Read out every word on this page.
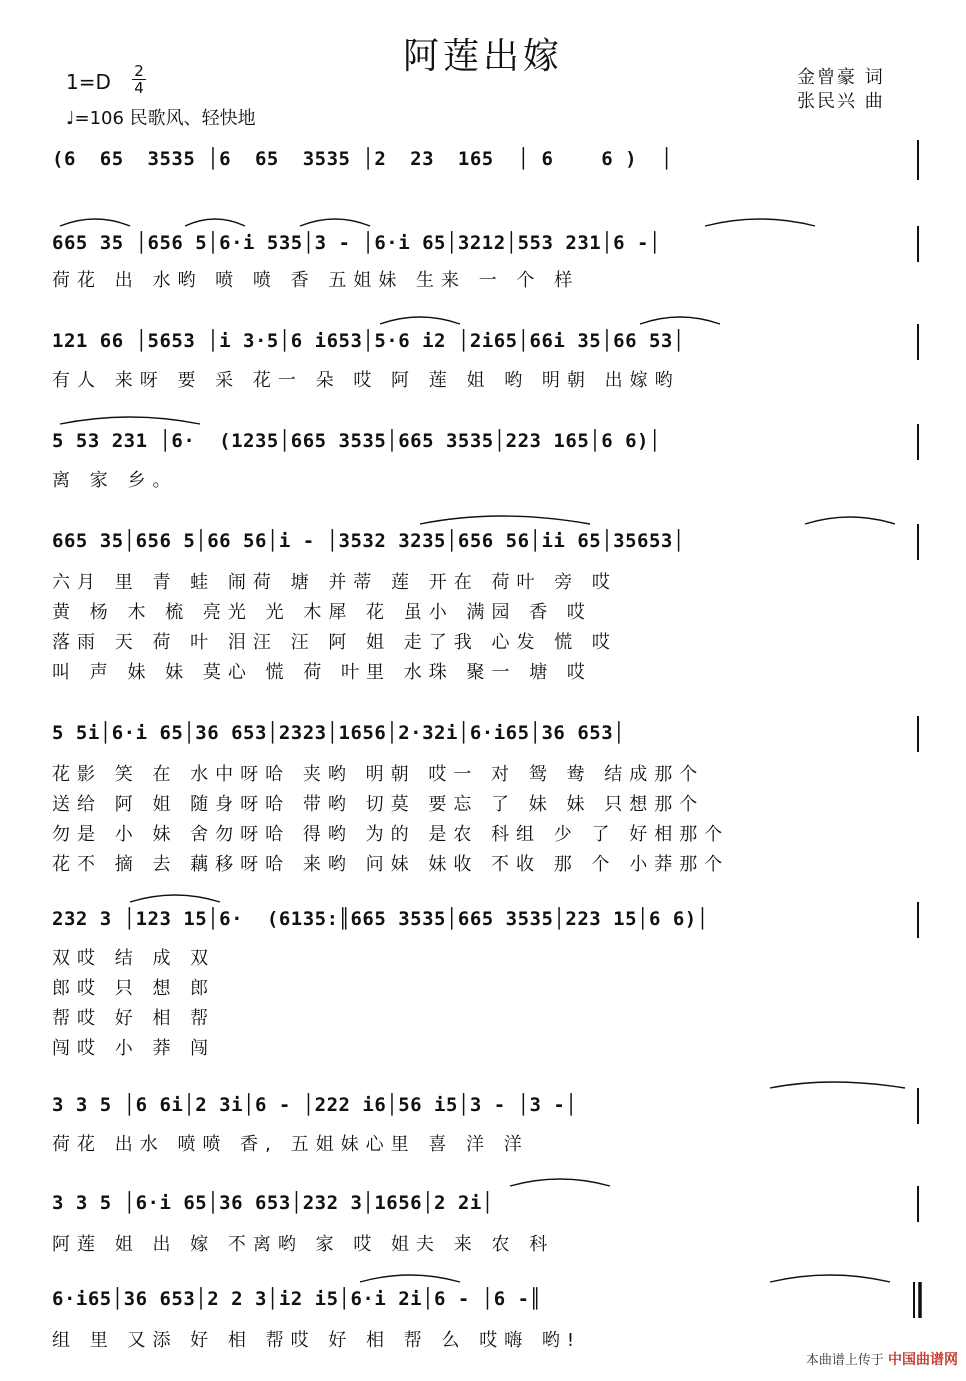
阿莲出嫁
1=D	2
4
♩=106 民歌风、轻快地
金曾豪 词
张民兴 曲
(6  65  3535 │6  65  3535 │2  23  165  │ 6    6 )  │
665 35 │656 5│6·i 535│3 - │6·i 65│3212│553 231│6 -│
荷花 出 水哟 喷 喷 香 五姐妹 生来 一 个 样
121 66 │5653 │i 3·5│6 i653│5·6 i2 │2i65│66i 35│66 53│
有人 来呀 要 采 花一 朵 哎 阿 莲 姐 哟 明朝 出嫁哟
5 53 231 │6·  (1235│665 3535│665 3535│223 165│6 6)│
离 家 乡。
665 35│656 5│66 56│i - │3532 3235│656 56│ii 65│35653│
六月 里 青 蛙 闹荷 塘 并蒂 莲 开在 荷叶 旁 哎
黄 杨 木 梳 亮光 光 木犀 花 虽小 满园 香 哎
落雨 天 荷 叶 泪汪 汪 阿 姐 走了我 心发 慌 哎
叫 声 妹 妹 莫心 慌 荷 叶里 水珠 聚一 塘 哎
5 5i│6·i 65│36 653│2323│1656│2·32i│6·i65│36 653│
花影 笑 在 水中呀哈 夹哟 明朝 哎一 对 鸳 鸯 结成那个
送给 阿 姐 随身呀哈 带哟 切莫 要忘 了 妹 妹 只想那个
勿是 小 妹 舍勿呀哈 得哟 为的 是农 科组 少 了 好相那个
花不 摘 去 藕移呀哈 来哟 问妹 妹收 不收 那 个 小莽那个
232 3 │123 15│6·  (6135:║665 3535│665 3535│223 15│6 6)│
双哎 结 成 双
郎哎 只 想 郎
帮哎 好 相 帮
闯哎 小 莽 闯
3 3 5 │6 6i│2 3i│6 - │222 i6│56 i5│3 - │3 -│
荷花 出水 喷喷 香, 五姐妹心里 喜 洋 洋
3 3 5 │6·i 65│36 653│232 3│1656│2 2i│
阿莲 姐 出 嫁 不离哟 家 哎 姐夫 来 农 科
6·i65│36 653│2 2 3│i2 i5│6·i 2i│6 - │6 -║
组 里 又添 好 相 帮哎 好 相 帮 么 哎嗨 哟!
本曲谱上传于 中国曲谱网
